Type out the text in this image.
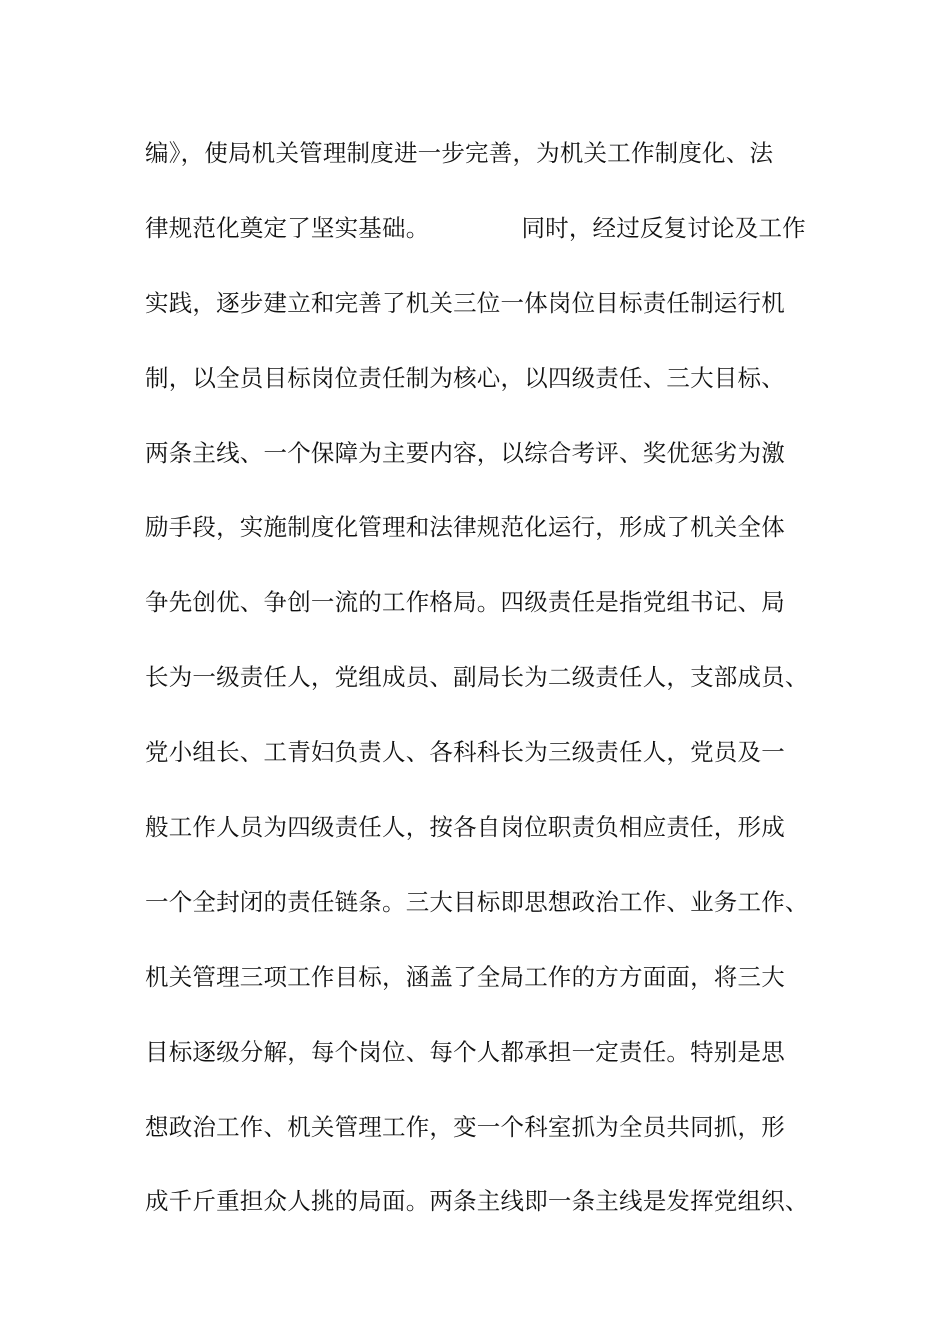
编》，使局机关管理制度进一步完善，为机关工作制度化、法
律规范化奠定了坚实基础。            同时，经过反复讨论及工作
实践，逐步建立和完善了机关三位一体岗位目标责任制运行机
制，以全员目标岗位责任制为核心，以四级责任、三大目标、
两条主线、一个保障为主要内容，以综合考评、奖优惩劣为激
励手段，实施制度化管理和法律规范化运行，形成了机关全体
争先创优、争创一流的工作格局。四级责任是指党组书记、局
长为一级责任人，党组成员、副局长为二级责任人，支部成员、
党小组长、工青妇负责人、各科科长为三级责任人，党员及一
般工作人员为四级责任人，按各自岗位职责负相应责任，形成
一个全封闭的责任链条。三大目标即思想政治工作、业务工作、
机关管理三项工作目标，涵盖了全局工作的方方面面，将三大
目标逐级分解，每个岗位、每个人都承担一定责任。特别是思
想政治工作、机关管理工作，变一个科室抓为全员共同抓，形
成千斤重担众人挑的局面。两条主线即一条主线是发挥党组织、
